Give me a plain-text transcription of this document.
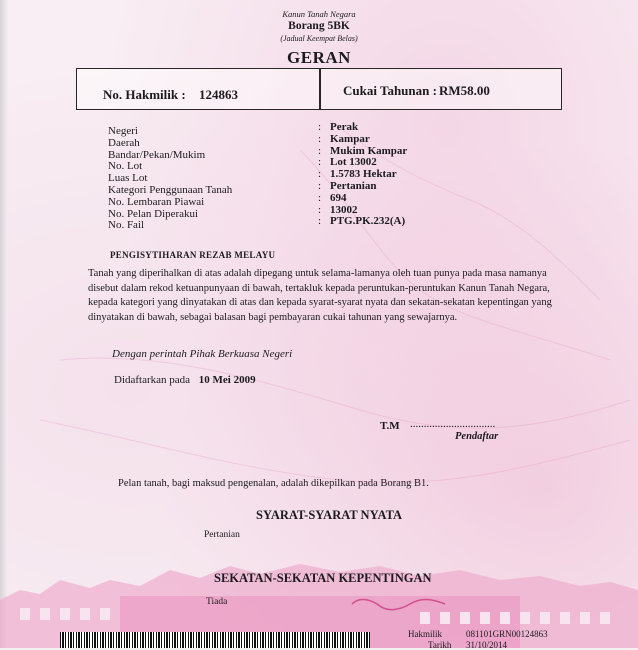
Kanun Tanah Negara
Borang 5BK
(Jadual Keempat Belas)
GERAN
No. Hakmilik : 124863	Cukai Tahunan : RM58.00
Negeri
Daerah
Bandar/Pekan/Mukim
No. Lot
Luas Lot
Kategori Penggunaan Tanah
No. Lembaran Piawai
No. Pelan Diperakui
No. Fail
:
:
:
:
:
:
:
:
:
Perak
Kampar
Mukim Kampar
Lot 13002
1.5783 Hektar
Pertanian
694
13002
PTG.PK.232(A)
PENGISYTIHARAN REZAB MELAYU
Tanah yang diperihalkan di atas adalah dipegang untuk selama-lamanya oleh tuan punya pada masa namanya
disebut dalam rekod ketuanpunyaan di bawah, tertakluk kepada peruntukan-peruntukan Kanun Tanah Negara,
kepada kategori yang dinyatakan di atas dan kepada syarat-syarat nyata dan sekatan-sekatan kepentingan yang
dinyatakan di bawah, sebagai balasan bagi pembayaran cukai tahunan yang sewajarnya.
Dengan perintah Pihak Berkuasa Negeri
Didaftarkan pada 10 Mei 2009
T.M ...............................
Pendaftar
Pelan tanah, bagi maksud pengenalan, adalah dikepilkan pada Borang B1.
SYARAT-SYARAT NYATA
Pertanian
SEKATAN-SEKATAN KEPENTINGAN
Tiada
Hakmilik	081101GRN00124863
Tarikh 31/10/2014
